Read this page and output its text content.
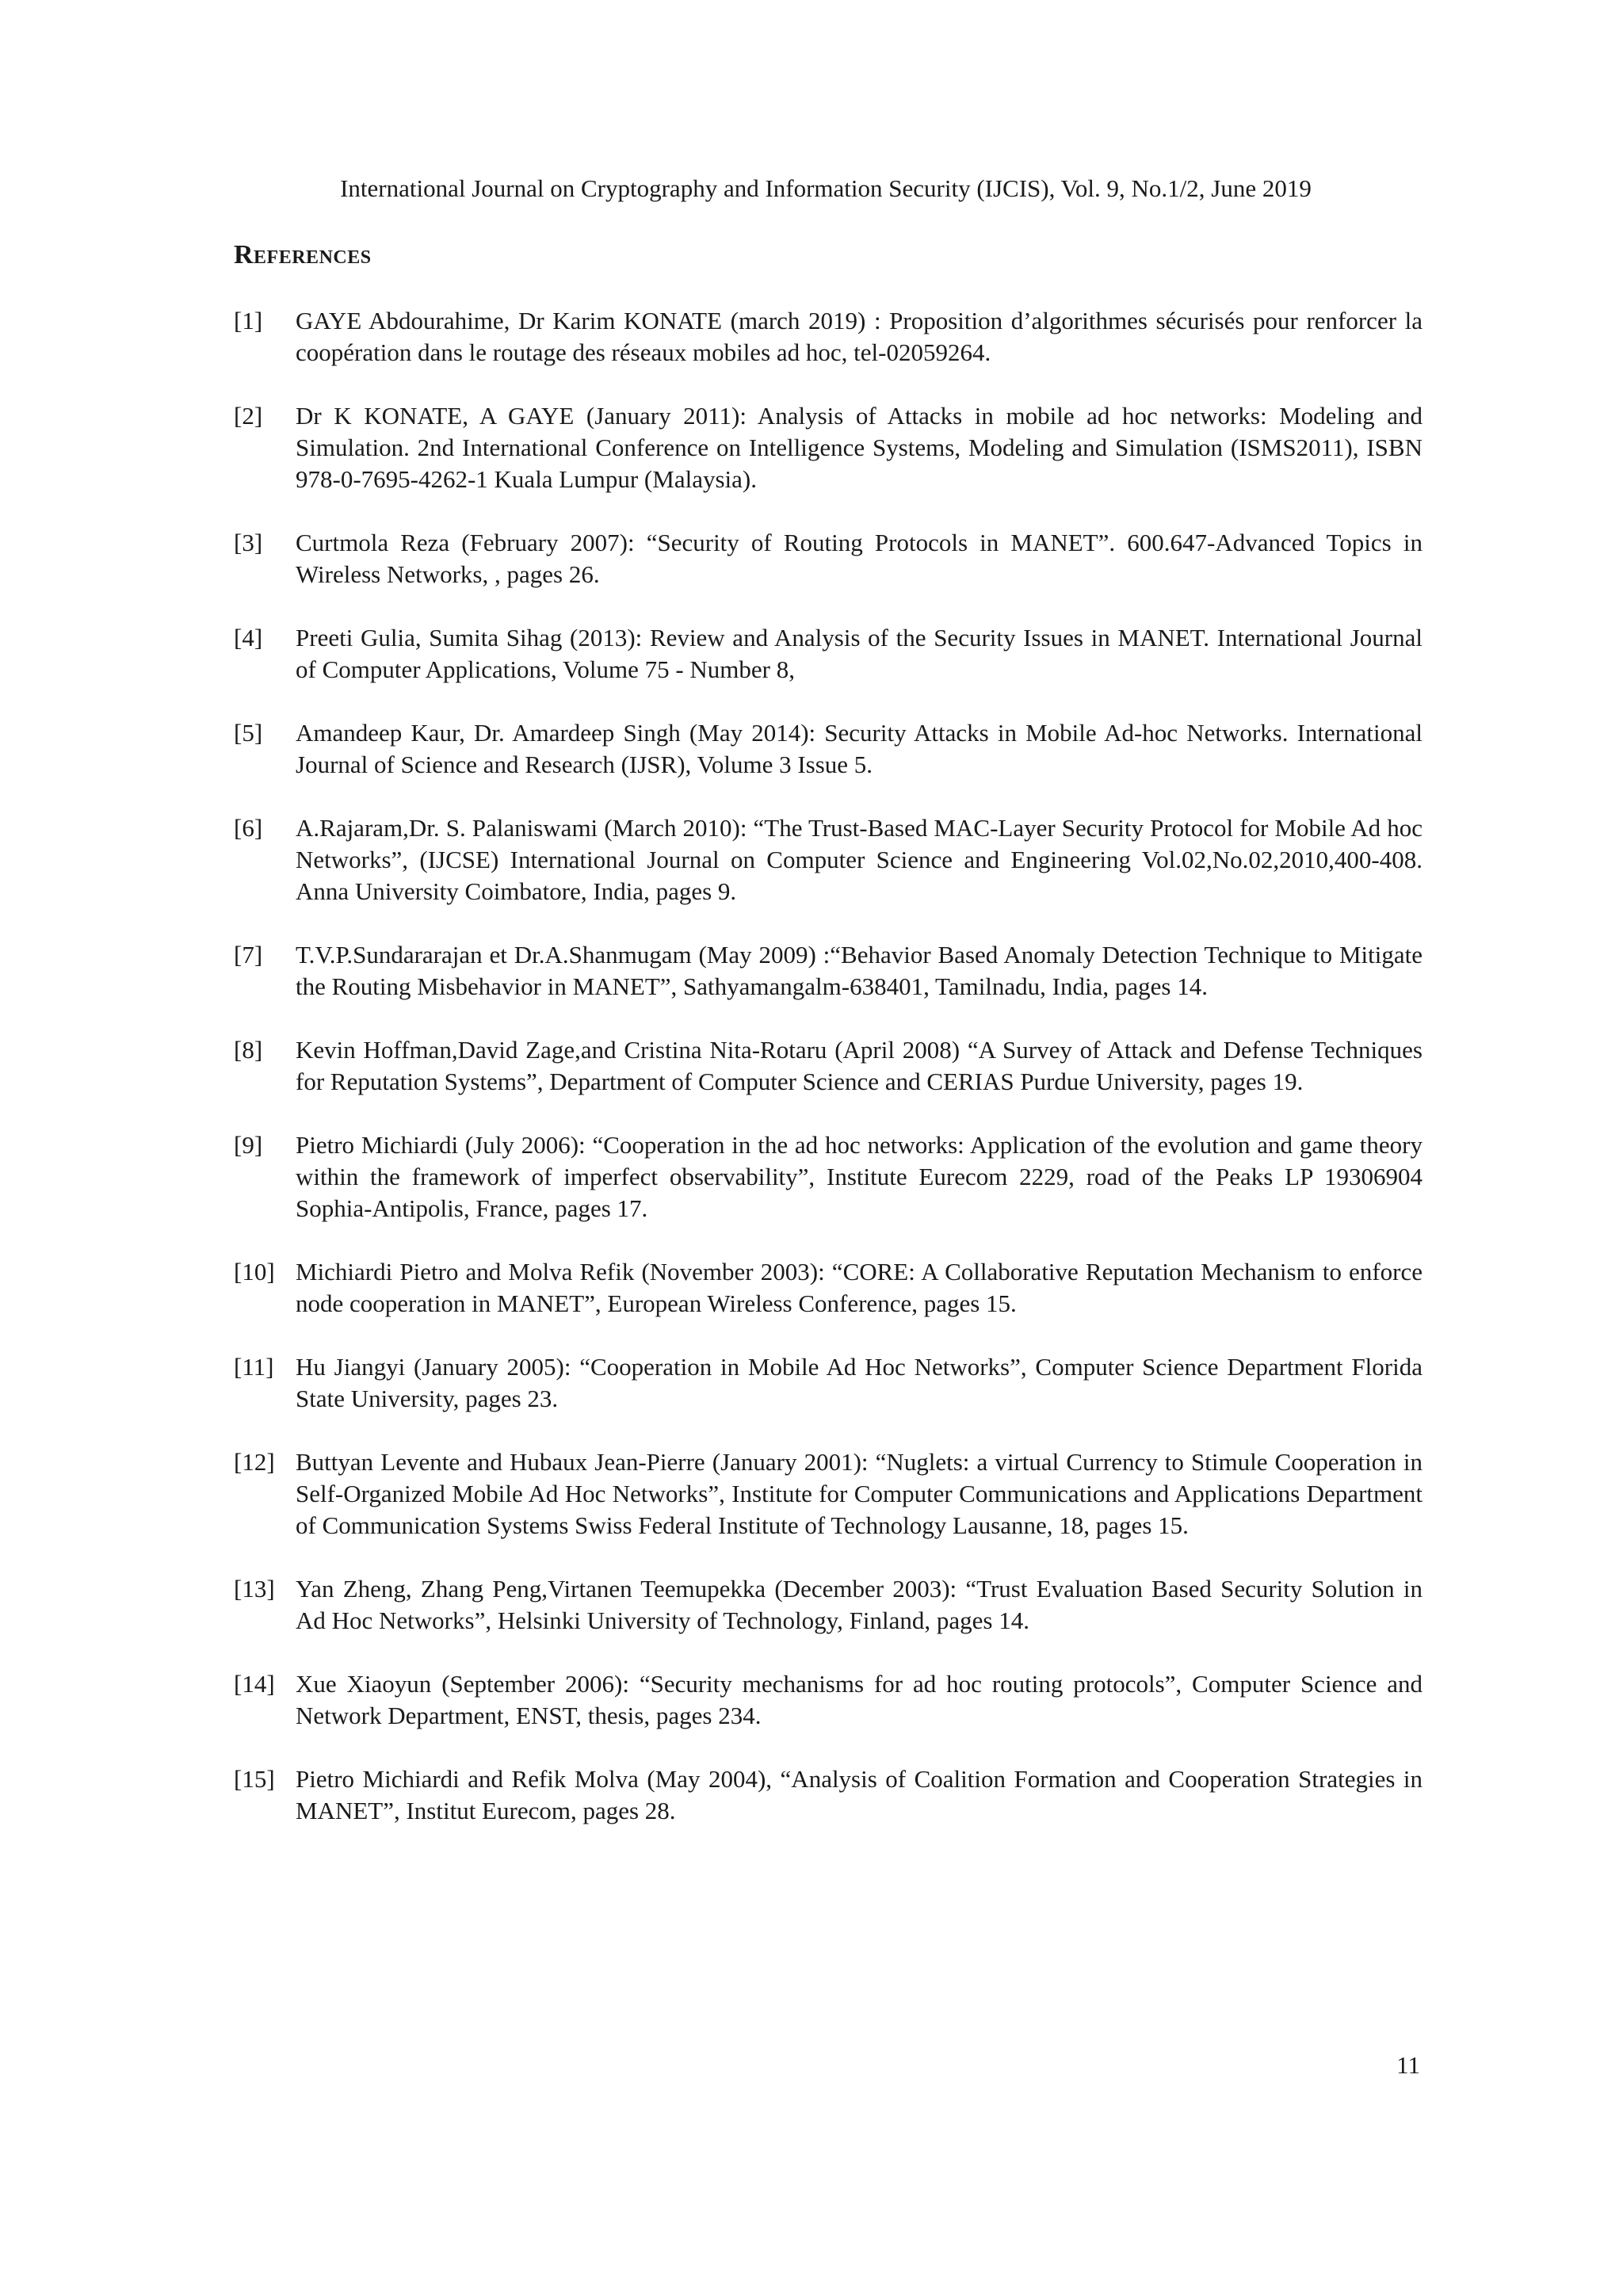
International Journal on Cryptography and Information Security (IJCIS), Vol. 9, No.1/2, June 2019
References
[1]	GAYE Abdourahime, Dr Karim KONATE (march 2019) : Proposition d’algorithmes sécurisés pour renforcer la coopération dans le routage des réseaux mobiles ad hoc, tel-02059264.
[2]	Dr K KONATE, A GAYE (January 2011): Analysis of Attacks in mobile ad hoc networks: Modeling and Simulation. 2nd International Conference on Intelligence Systems, Modeling and Simulation (ISMS2011), ISBN 978-0-7695-4262-1 Kuala Lumpur (Malaysia).
[3]	Curtmola Reza (February 2007): “Security of Routing Protocols in MANET”. 600.647-Advanced Topics in Wireless Networks, , pages 26.
[4]	Preeti Gulia, Sumita Sihag (2013): Review and Analysis of the Security Issues in MANET. International Journal of Computer Applications, Volume 75 - Number 8,
[5]	Amandeep Kaur, Dr. Amardeep Singh (May 2014): Security Attacks in Mobile Ad-hoc Networks. International Journal of Science and Research (IJSR), Volume 3 Issue 5.
[6]	A.Rajaram,Dr. S. Palaniswami (March 2010): “The Trust-Based MAC-Layer Security Protocol for Mobile Ad hoc Networks”, (IJCSE) International Journal on Computer Science and Engineering Vol.02,No.02,2010,400-408. Anna University Coimbatore, India, pages 9.
[7]	T.V.P.Sundararajan et Dr.A.Shanmugam (May 2009) :“Behavior Based Anomaly Detection Technique to Mitigate the Routing Misbehavior in MANET”, Sathyamangalm-638401, Tamilnadu, India, pages 14.
[8]	Kevin Hoffman,David Zage,and Cristina Nita-Rotaru (April 2008) “A Survey of Attack and Defense Techniques for Reputation Systems”, Department of Computer Science and CERIAS Purdue University, pages 19.
[9]	Pietro Michiardi (July 2006): “Cooperation in the ad hoc networks: Application of the evolution and game theory within the framework of imperfect observability”, Institute Eurecom 2229, road of the Peaks LP 19306904 Sophia-Antipolis, France, pages 17.
[10] Michiardi Pietro and Molva Refik (November 2003): “CORE: A Collaborative Reputation Mechanism to enforce node cooperation in MANET”, European Wireless Conference, pages 15.
[11] Hu Jiangyi (January 2005): “Cooperation in Mobile Ad Hoc Networks”, Computer Science Department Florida State University, pages 23.
[12] Buttyan Levente and Hubaux Jean-Pierre (January 2001): “Nuglets: a virtual Currency to Stimule Cooperation in Self-Organized Mobile Ad Hoc Networks”, Institute for Computer Communications and Applications Department of Communication Systems Swiss Federal Institute of Technology Lausanne, 18, pages 15.
[13] Yan Zheng, Zhang Peng,Virtanen Teemupekka (December 2003): “Trust Evaluation Based Security Solution in Ad Hoc Networks”, Helsinki University of Technology, Finland, pages 14.
[14] Xue Xiaoyun (September 2006): “Security mechanisms for ad hoc routing protocols”, Computer Science and Network Department, ENST, thesis, pages 234.
[15] Pietro Michiardi and Refik Molva (May 2004), “Analysis of Coalition Formation and Cooperation Strategies in MANET”, Institut Eurecom, pages 28.
11
